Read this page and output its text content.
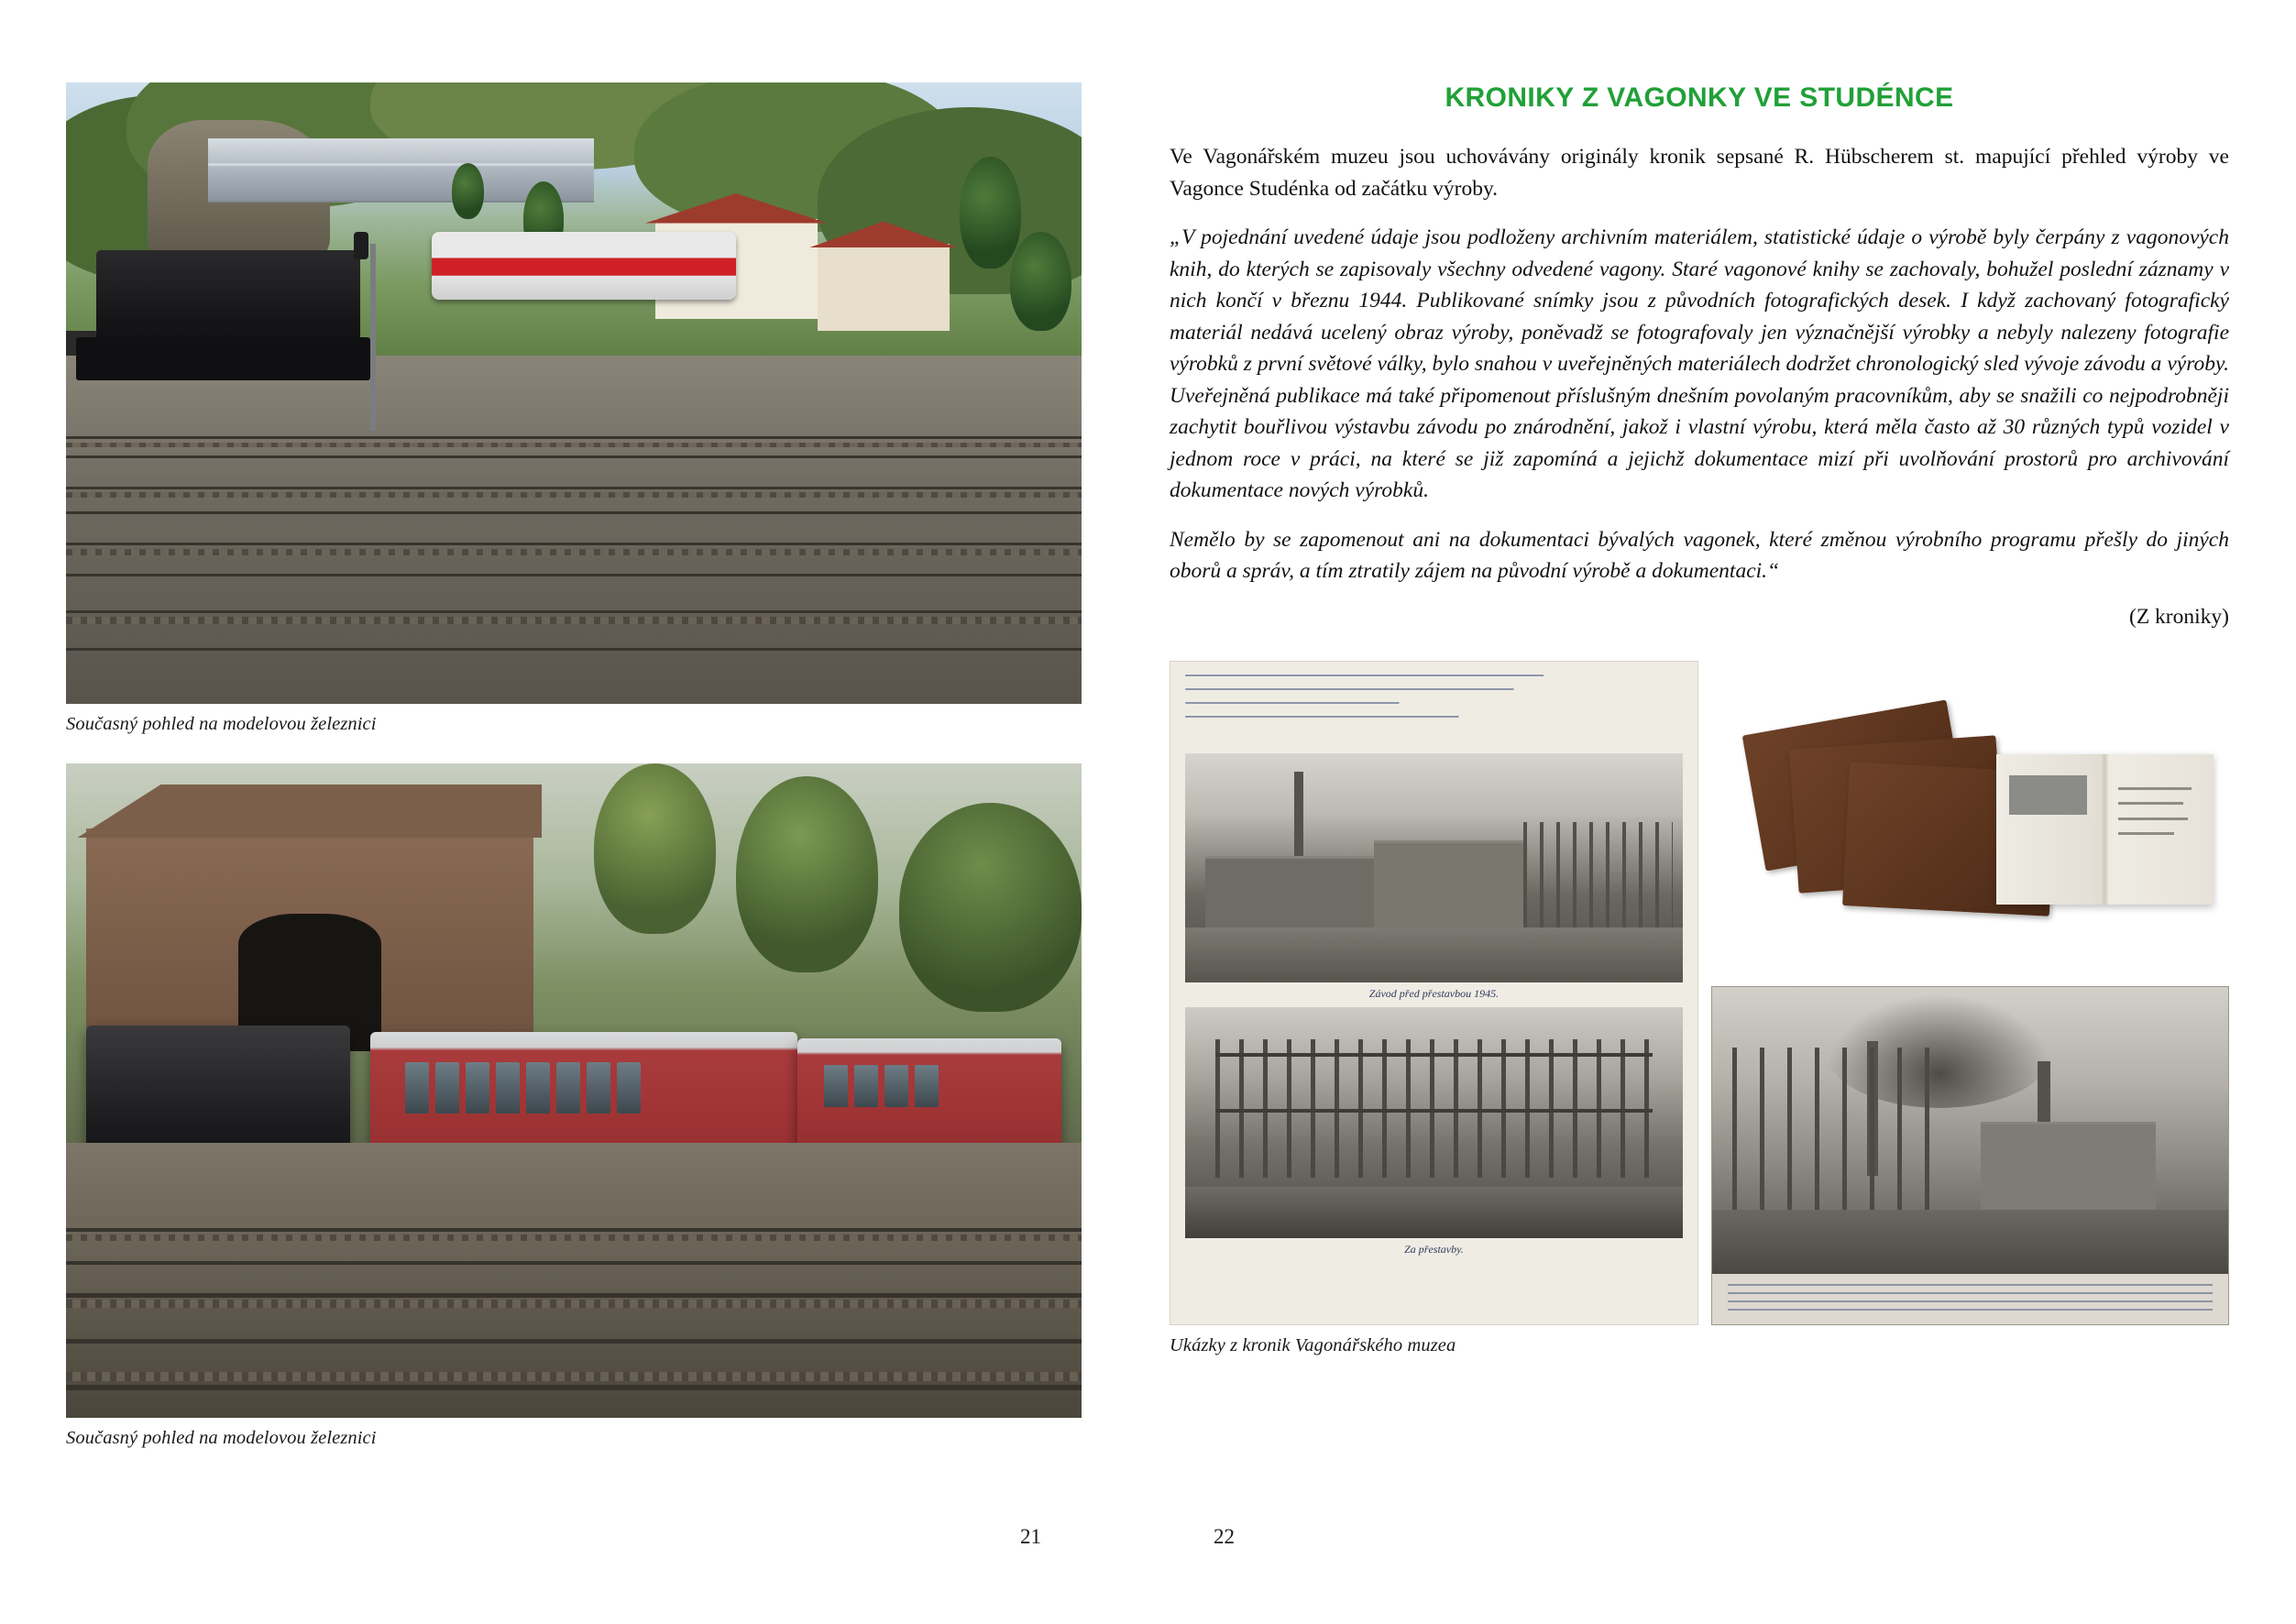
Současný pohled na modelovou železnici
Současný pohled na modelovou železnici
21
KRONIKY Z VAGONKY VE STUDÉNCE

Ve Vagonářském muzeu jsou uchovávány originály kronik sepsané R. Hübscherem st. mapující přehled výroby ve Vagonce Studénka od začátku výroby.

„V pojednání uvedené údaje jsou podloženy archivním materiálem, statistické údaje o výrobě byly čerpány z vagonových knih, do kterých se zapisovaly všechny odvedené vagony. Staré vagonové knihy se zachovaly, bohužel poslední záznamy v nich končí v březnu 1944. Publikované snímky jsou z původních fotografických desek. I když zachovaný fotografický materiál nedává ucelený obraz výroby, poněvadž se fotografovaly jen význačnější výrobky a nebyly nalezeny fotografie výrobků z první světové války, bylo snahou v uveřejněných materiálech dodržet chronologický sled vývoje závodu a výroby. Uveřejněná publikace má také připomenout příslušným dnešním povolaným pracovníkům, aby se snažili co nejpodrobněji zachytit bouřlivou výstavbu závodu po znárodnění, jakož i vlastní výrobu, která měla často až 30 různých typů vozidel v jednom roce v práci, na které se již zapomíná a jejichž dokumentace mizí při uvolňování prostorů pro archivování dokumentace nových výrobků.

Nemělo by se zapomenout ani na dokumentaci bývalých vagonek, které změnou výrobního programu přešly do jiných oborů a správ, a tím ztratily zájem na původní výrobě a dokumentaci.“

(Z kroniky)

Závod před přestavbou 1945.
Za přestavby.
Ukázky z kronik Vagonářského muzea
22
